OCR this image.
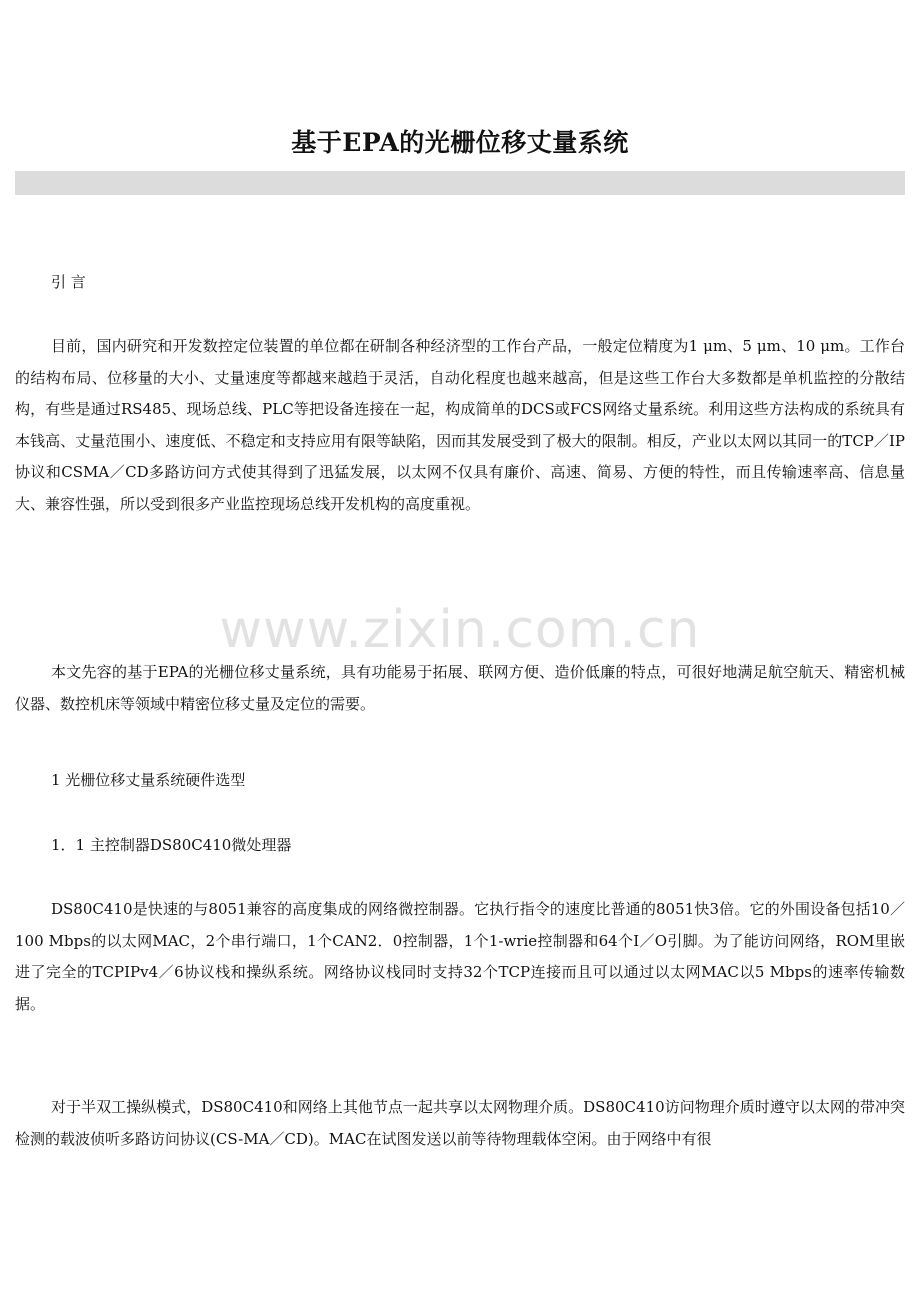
基于EPA的光栅位移丈量系统

引 言

目前，国内研究和开发数控定位装置的单位都在研制各种经济型的工作台产品，一般定位精度为1 μm、5 μm、10 μm。工作台的结构布局、位移量的大小、丈量速度等都越来越趋于灵活，自动化程度也越来越高，但是这些工作台大多数都是单机监控的分散结构，有些是通过RS485、现场总线、PLC等把设备连接在一起，构成简单的DCS或FCS网络丈量系统。利用这些方法构成的系统具有本钱高、丈量范围小、速度低、不稳定和支持应用有限等缺陷，因而其发展受到了极大的限制。相反，产业以太网以其同一的TCP／IP协议和CSMA／CD多路访问方式使其得到了迅猛发展，以太网不仅具有廉价、高速、简易、方便的特性，而且传输速率高、信息量大、兼容性强，所以受到很多产业监控现场总线开发机构的高度重视。

本文先容的基于EPA的光栅位移丈量系统，具有功能易于拓展、联网方便、造价低廉的特点，可很好地满足航空航天、精密机械仪器、数控机床等领域中精密位移丈量及定位的需要。

1 光栅位移丈量系统硬件选型

1．1 主控制器DS80C410微处理器

DS80C410是快速的与8051兼容的高度集成的网络微控制器。它执行指令的速度比普通的8051快3倍。它的外围设备包括10／100 Mbps的以太网MAC，2个串行端口，1个CAN2．0控制器，1个1-wrie控制器和64个I／O引脚。为了能访问网络，ROM里嵌进了完全的TCPIPv4／6协议栈和操纵系统。网络协议栈同时支持32个TCP连接而且可以通过以太网MAC以5 Mbps的速率传输数据。

对于半双工操纵模式，DS80C410和网络上其他节点一起共享以太网物理介质。DS80C410访问物理介质时遵守以太网的带冲突检测的载波侦听多路访问协议(CS-MA／CD)。MAC在试图发送以前等待物理载体空闲。由于网络中有很

www.zixin.com.cn
